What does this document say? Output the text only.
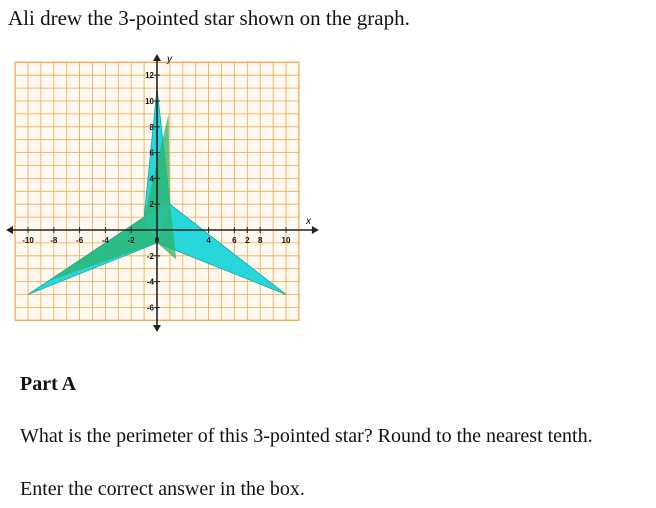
Ali drew the 3-pointed star shown on the graph.
-10 -8 -6 -4 -2	0	4	6 2 8 10
12
10
8
6
4
2
-2
-4
-6
x
y
Part A
What is the perimeter of this 3-pointed star? Round to the nearest tenth.
Enter the correct answer in the box.
